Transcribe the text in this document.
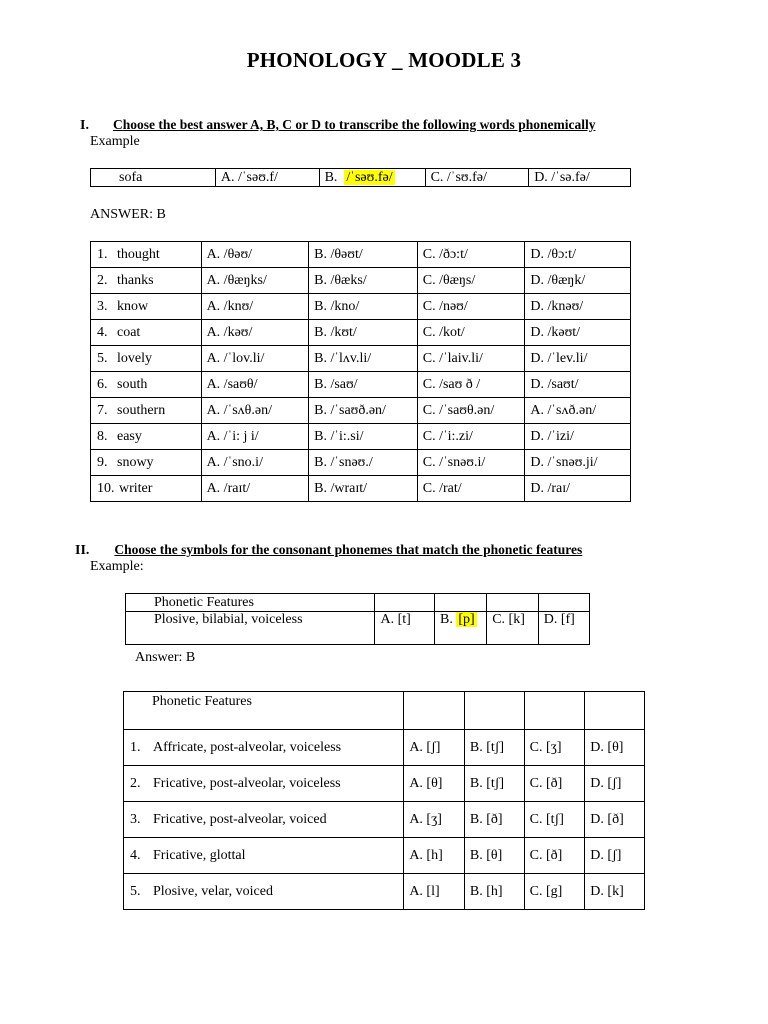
PHONOLOGY _ MOODLE 3
I. Choose the best answer A, B, C or D to transcribe the following words phonemically
Example
sofa	A. /ˈsəʊ.f/	B. /ˈsəʊ.fə/	C. /ˈsʊ.fə/	D. /ˈsə.fə/
ANSWER: B
1. thought	A. /θəʊ/	B. /θəʊt/	C. /ðɔ:t/	D. /θɔ:t/
2. thanks	A. /θæŋks/	B. /θæks/	C. /θæŋs/	D. /θæŋk/
3. know	A. /knʊ/	B. /kno/	C. /nəʊ/	D. /knəʊ/
4. coat	A. /kəʊ/	B. /kʊt/	C. /kot/	D. /kəʊt/
5. lovely	A. /ˈlov.li/	B. /ˈlʌv.li/	C. /ˈlaiv.li/	D. /ˈlev.li/
6. south	A. /saʊθ/	B. /saʊ/	C. /saʊ ð /	D. /saʊt/
7. southern	A. /ˈsʌθ.ən/	B. /ˈsaʊð.ən/	C. /ˈsaʊθ.ən/	A. /ˈsʌð.ən/
8. easy	A. /ˈi: j i/	B. /ˈi:.si/	C. /ˈi:.zi/	D. /ˈizi/
9. snowy	A. /ˈsno.i/	B. /ˈsnəʊ./	C. /ˈsnəʊ.i/	D. /ˈsnəʊ.ji/
10. writer	A. /raɪt/	B. /wraɪt/	C. /rat/	D. /raɪ/
II. Choose the symbols for the consonant phonemes that match the phonetic features
Example:
Phonetic Features				
Plosive, bilabial, voiceless	A. [t]	B. [p]	C. [k]	D. [f]
Answer: B
Phonetic Features				
1. Affricate, post-alveolar, voiceless	A. [ʃ]	B. [tʃ]	C. [ʒ]	D. [θ]
2. Fricative, post-alveolar, voiceless	A. [θ]	B. [tʃ]	C. [ð]	D. [ʃ]
3. Fricative, post-alveolar, voiced	A. [ʒ]	B. [ð]	C. [tʃ]	D. [ð]
4. Fricative, glottal	A. [h]	B. [θ]	C. [ð]	D. [ʃ]
5. Plosive, velar, voiced	A. [l]	B. [h]	C. [g]	D. [k]
